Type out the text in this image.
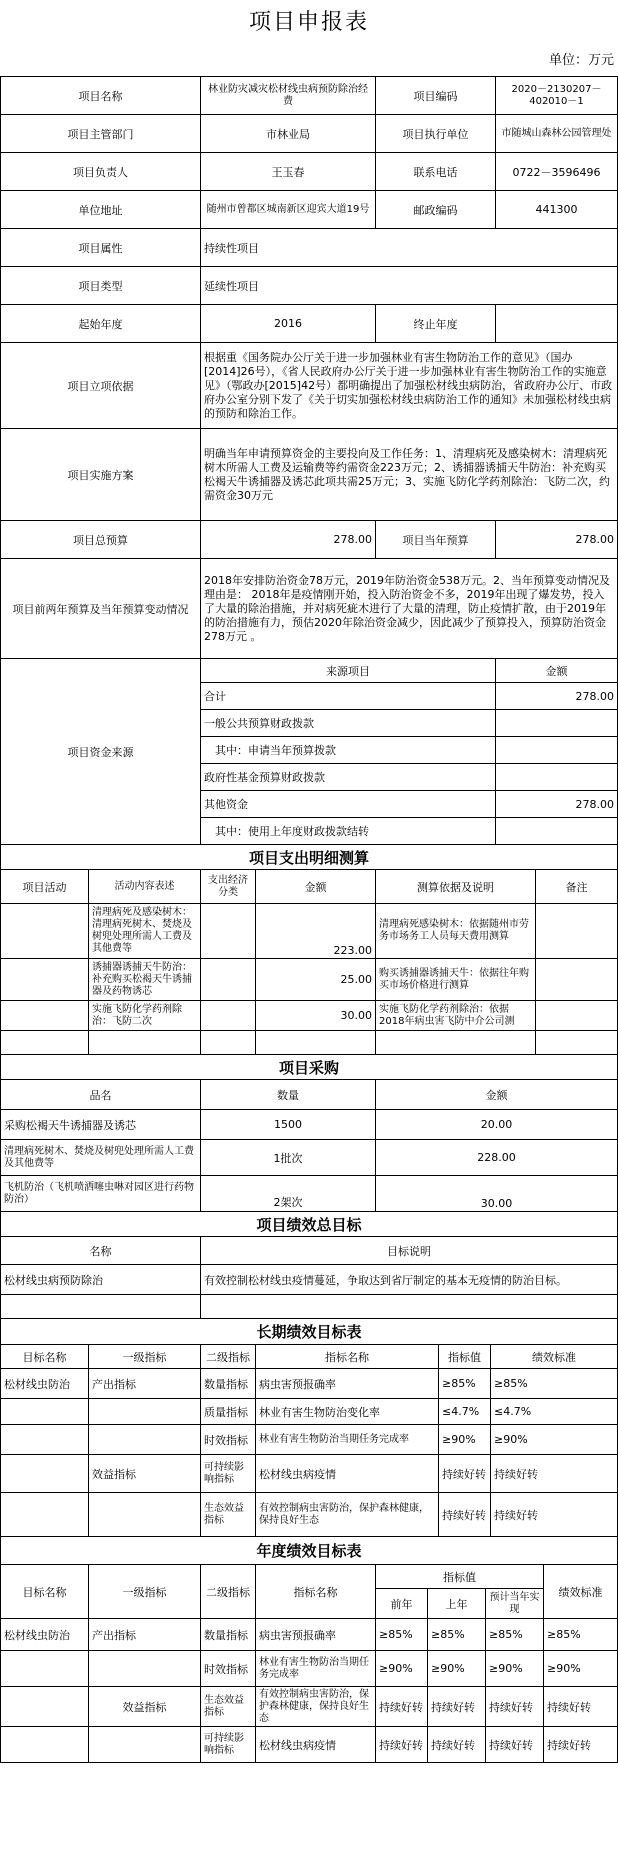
项目申报表
单位：万元
项目名称	林业防灾减灾松材线虫病预防除治经费	项目编码	2020－2130207－402010－1
项目主管部门	市林业局	项目执行单位	市随城山森林公园管理处
项目负责人	王玉春	联系电话	0722－3596496
单位地址	随州市曾都区城南新区迎宾大道19号	邮政编码	441300
项目属性	持续性项目		
项目类型	延续性项目		
起始年度	2016	终止年度	
项目立项依据	根据重《国务院办公厅关于进一步加强林业有害生物防治工作的意见》（国办[2014]26号），《省人民政府办公厅关于进一步加强林业有害生物防治工作的实施意见》（鄂政办[2015]42号）都明确提出了加强松材线虫病防治，省政府办公厅、市政府办公室分别下发了《关于切实加强松材线虫病防治工作的通知》未加强松材线虫病的预防和除治工作。		
项目实施方案	明确当年申请预算资金的主要投向及工作任务：1、清理病死及感染树木：清理病死树木所需人工费及运输费等约需资金223万元；2、诱捕器诱捕天牛防治：补充购买松褐天牛诱捕器及诱芯此项共需25万元；3、实施飞防化学药剂除治：飞防二次，约需资金30万元		
项目总预算	278.00	项目当年预算	278.00
项目前两年预算及当年预算变动情况	2018年安排防治资金78万元，2019年防治资金538万元。2、当年预算变动情况及理由是： 2018年是疫情刚开始，投入防治资金不多，2019年出现了爆发势，投入了大量的除治措施，并对病死疵木进行了大量的清理，防止疫情扩散，由于2019年的防治措施有力，预估2020年除治资金减少，因此减少了预算投入，预算防治资金278万元 。		
项目资金来源	来源项目	金额
	合计	278.00
	一般公共预算财政拨款	
	其中：申请当年预算拨款	
	政府性基金预算财政拨款	
	其他资金	278.00
	其中：使用上年度财政拨款结转	
项目支出明细测算					
项目活动	活动内容表述	支出经济分类	金额	测算依据及说明	备注
	清理病死及感染树木：清理病死树木、焚烧及树兜处理所需人工费及其他费等		223.00	清理病死感染树木：依据随州市劳务市场务工人员每天费用测算	
	诱捕器诱捕天牛防治：补充购买松褐天牛诱捕器及药物诱芯		25.00	购买诱捕器诱捕天牛：依据往年购买市场价格进行测算	
	实施飞防化学药剂除治：飞防二次		30.00	实施飞防化学药剂除治：依据2018年病虫害飞防中介公司测	

项目采购		
品名	数量	金额
采购松褐天牛诱捕器及诱芯	1500	20.00
清理病死树木、焚烧及树兜处理所需人工费及其他费等	1批次	228.00
飞机防治（飞机喷洒噻虫啉对园区进行药物防治）	2架次	30.00
项目绩效总目标	
名称	目标说明
松材线虫病预防除治	有效控制松材线虫疫情蔓延，争取达到省厅制定的基本无疫情的防治目标。

长期绩效目标表					
目标名称	一级指标	二级指标	指标名称	指标值	绩效标准
松材线虫防治	产出指标	数量指标	病虫害预报确率	≥85%	≥85%
		质量指标	林业有害生物防治变化率	≤4.7%	≤4.7%
		时效指标	林业有害生物防治当期任务完成率	≥90%	≥90%
	效益指标	可持续影响指标	松材线虫病疫情	持续好转	持续好转
		生态效益指标	有效控制病虫害防治，保护森林健康，保持良好生态	持续好转	持续好转
年度绩效目标表							
目标名称	一级指标	二级指标	指标名称	指标值			绩效标准
				前年	上年	预计当年实现	
松材线虫防治	产出指标	数量指标	病虫害预报确率	≥85%	≥85%	≥85%	≥85%
		时效指标	林业有害生物防治当期任务完成率	≥90%	≥90%	≥90%	≥90%
	效益指标	生态效益指标	有效控制病虫害防治，保护森林健康，保持良好生态	持续好转	持续好转	持续好转	持续好转
		可持续影响指标	松材线虫病疫情	持续好转	持续好转	持续好转	持续好转
